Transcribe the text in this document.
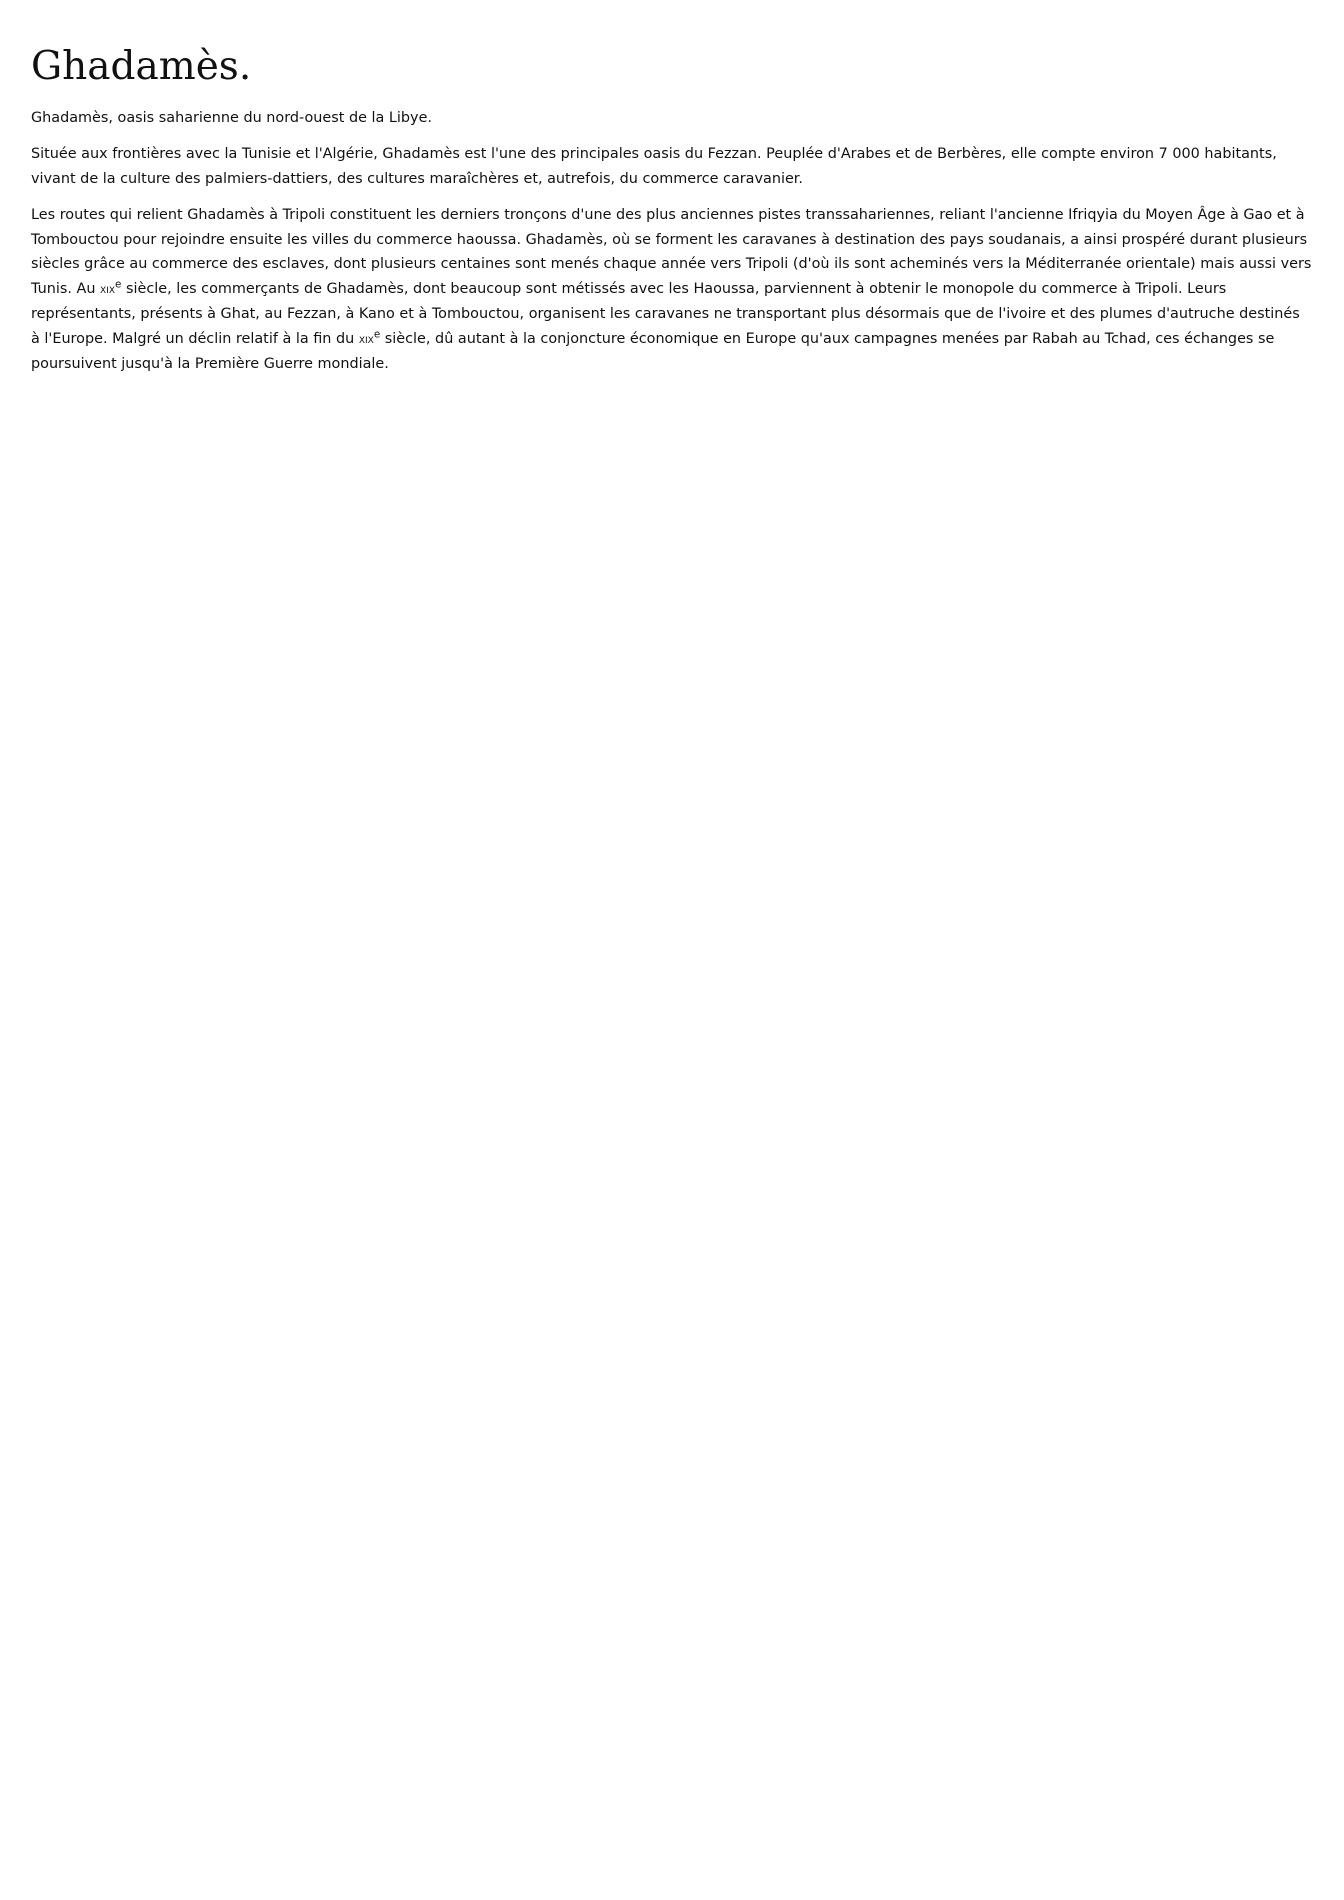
Ghadamès.

Ghadamès, oasis saharienne du nord-ouest de la Libye.

Située aux frontières avec la Tunisie et l'Algérie, Ghadamès est l'une des principales oasis du Fezzan. Peuplée d'Arabes et de Berbères, elle compte environ 7 000 habitants, vivant de la culture des palmiers-dattiers, des cultures maraîchères et, autrefois, du commerce caravanier.

Les routes qui relient Ghadamès à Tripoli constituent les derniers tronçons d'une des plus anciennes pistes transsahariennes, reliant l'ancienne Ifriqyia du Moyen Âge à Gao et à Tombouctou pour rejoindre ensuite les villes du commerce haoussa. Ghadamès, où se forment les caravanes à destination des pays soudanais, a ainsi prospéré durant plusieurs siècles grâce au commerce des esclaves, dont plusieurs centaines sont menés chaque année vers Tripoli (d'où ils sont acheminés vers la Méditerranée orientale) mais aussi vers Tunis. Au xix$^e$ siècle, les commerçants de Ghadamès, dont beaucoup sont métissés avec les Haoussa, parviennent à obtenir le monopole du commerce à Tripoli. Leurs représentants, présents à Ghat, au Fezzan, à Kano et à Tombouctou, organisent les caravanes ne transportant plus désormais que de l'ivoire et des plumes d'autruche destinés à l'Europe. Malgré un déclin relatif à la fin du xix$^e$ siècle, dû autant à la conjoncture économique en Europe qu'aux campagnes menées par Rabah au Tchad, ces échanges se poursuivent jusqu'à la Première Guerre mondiale.
